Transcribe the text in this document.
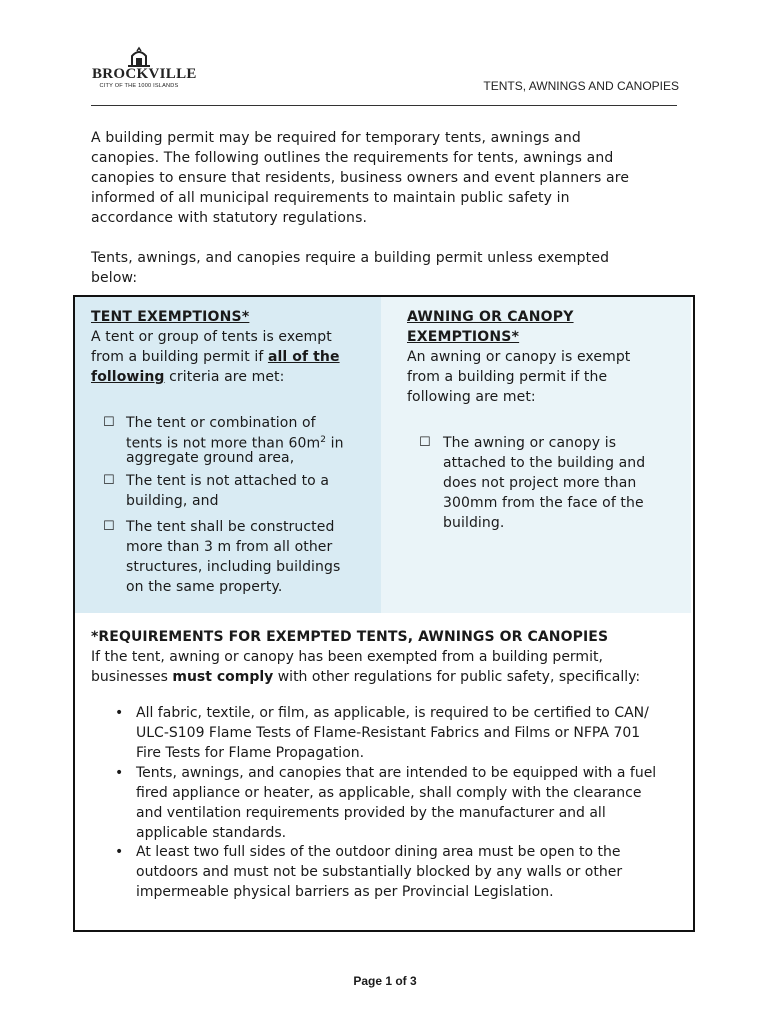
BROCKVILLE
CITY OF THE 1000 ISLANDS	TENTS, AWNINGS AND CANOPIES
A building permit may be required for temporary tents, awnings and
canopies. The following outlines the requirements for tents, awnings and
canopies to ensure that residents, business owners and event planners are
informed of all municipal requirements to maintain public safety in
accordance with statutory regulations.
Tents, awnings, and canopies require a building permit unless exempted
below:
TENT EXEMPTIONS*
A tent or group of tents is exempt
from a building permit if all of the
following criteria are met:
☐ The tent or combination of
tents is not more than $60m^2$ in
aggregate ground area,
☐ The tent is not attached to a
building, and
☐ The tent shall be constructed
more than 3 m from all other
structures, including buildings
on the same property.
AWNING OR CANOPY
EXEMPTIONS*
An awning or canopy is exempt
from a building permit if the
following are met:
☐ The awning or canopy is
attached to the building and
does not project more than
300mm from the face of the
building.
*REQUIREMENTS FOR EXEMPTED TENTS, AWNINGS OR CANOPIES
If the tent, awning or canopy has been exempted from a building permit,
businesses must comply with other regulations for public safety, specifically:
• All fabric, textile, or film, as applicable, is required to be certified to CAN/
ULC-S109 Flame Tests of Flame-Resistant Fabrics and Films or NFPA 701
Fire Tests for Flame Propagation.
• Tents, awnings, and canopies that are intended to be equipped with a fuel
fired appliance or heater, as applicable, shall comply with the clearance
and ventilation requirements provided by the manufacturer and all
applicable standards.
• At least two full sides of the outdoor dining area must be open to the
outdoors and must not be substantially blocked by any walls or other
impermeable physical barriers as per Provincial Legislation.
Page 1 of 3
